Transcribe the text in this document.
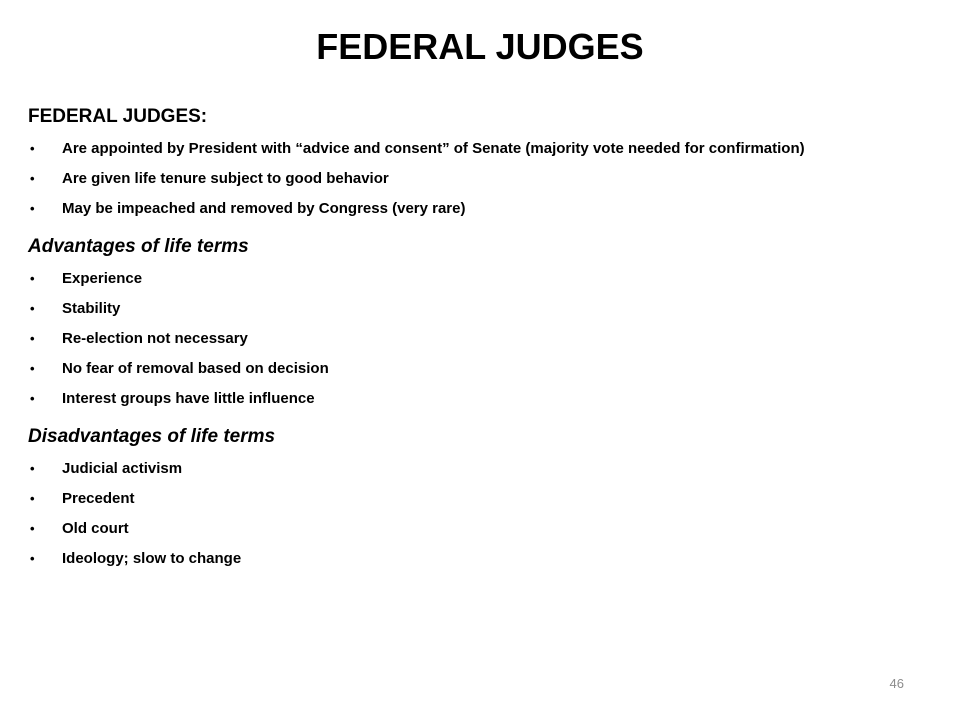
FEDERAL JUDGES
FEDERAL JUDGES:
• Are appointed by President with “advice and consent” of Senate (majority vote needed for confirmation)
• Are given life tenure subject to good behavior
• May be impeached and removed by Congress (very rare)
Advantages of life terms
• Experience
• Stability
• Re-election not necessary
• No fear of removal based on decision
• Interest groups have little influence
Disadvantages of life terms
• Judicial activism
• Precedent
• Old court
• Ideology; slow to change
46
